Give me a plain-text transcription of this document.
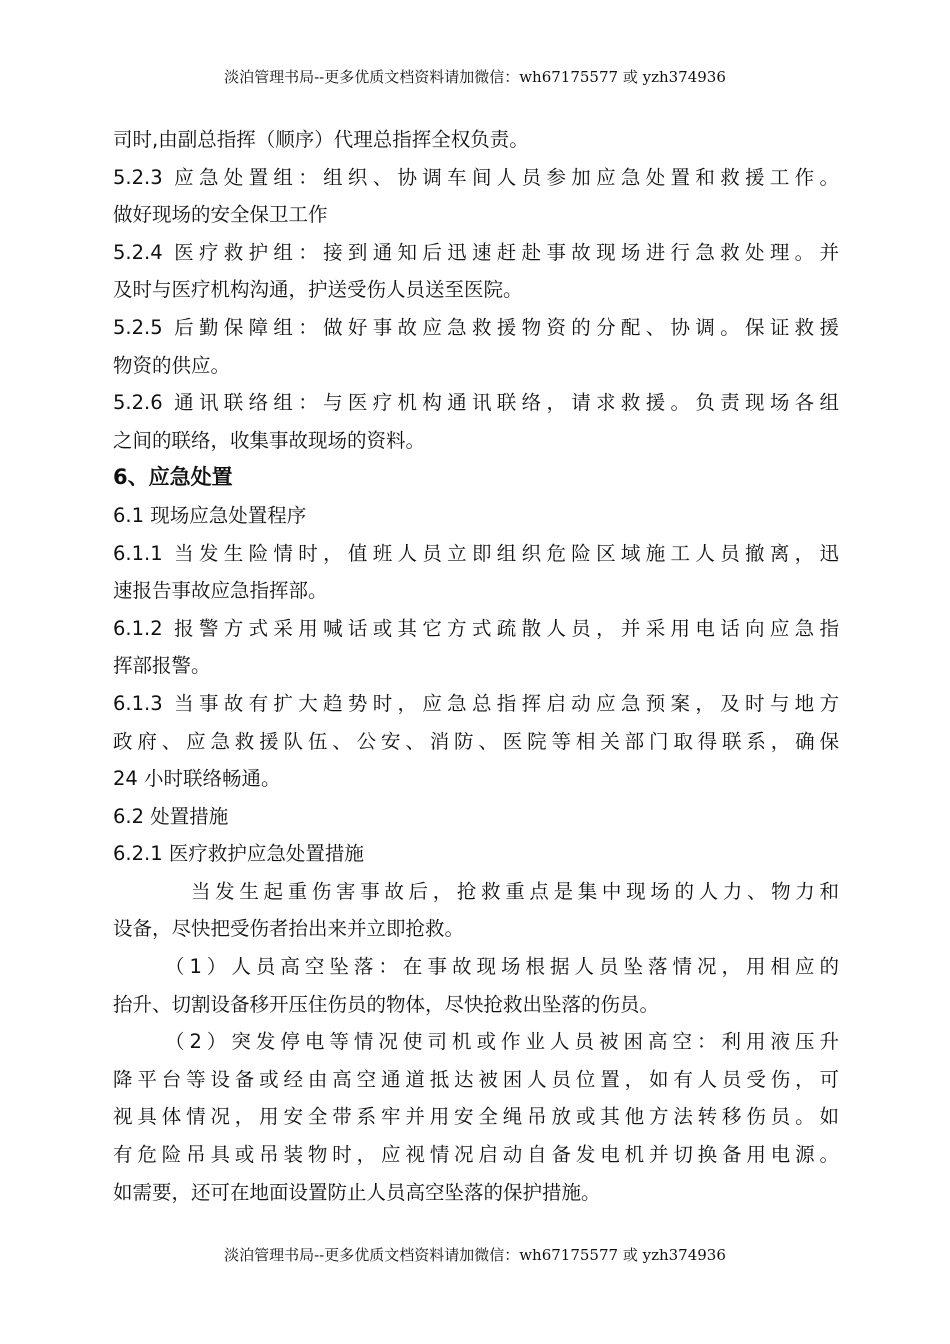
淡泊管理书局--更多优质文档资料请加微信：wh67175577 或 yzh374936
司时,由副总指挥（顺序）代理总指挥全权负责。
5.2.3 应急处置组：组织、协调车间人员参加应急处置和救援工作。
做好现场的安全保卫工作
5.2.4 医疗救护组：接到通知后迅速赶赴事故现场进行急救处理。并
及时与医疗机构沟通，护送受伤人员送至医院。
5.2.5 后勤保障组：做好事故应急救援物资的分配、协调。保证救援
物资的供应。
5.2.6 通讯联络组：与医疗机构通讯联络，请求救援。负责现场各组
之间的联络，收集事故现场的资料。
6、应急处置
6.1 现场应急处置程序
6.1.1 当发生险情时，值班人员立即组织危险区域施工人员撤离，迅
速报告事故应急指挥部。
6.1.2 报警方式采用喊话或其它方式疏散人员，并采用电话向应急指
挥部报警。
6.1.3 当事故有扩大趋势时，应急总指挥启动应急预案，及时与地方
政府、应急救援队伍、公安、消防、医院等相关部门取得联系，确保
24 小时联络畅通。
6.2 处置措施
6.2.1 医疗救护应急处置措施
当发生起重伤害事故后，抢救重点是集中现场的人力、物力和
设备，尽快把受伤者抬出来并立即抢救。
（1）人员高空坠落：在事故现场根据人员坠落情况，用相应的
抬升、切割设备移开压住伤员的物体，尽快抢救出坠落的伤员。
（2）突发停电等情况使司机或作业人员被困高空：利用液压升
降平台等设备或经由高空通道抵达被困人员位置，如有人员受伤，可
视具体情况，用安全带系牢并用安全绳吊放或其他方法转移伤员。如
有危险吊具或吊装物时，应视情况启动自备发电机并切换备用电源。
如需要，还可在地面设置防止人员高空坠落的保护措施。
淡泊管理书局--更多优质文档资料请加微信：wh67175577 或 yzh374936
